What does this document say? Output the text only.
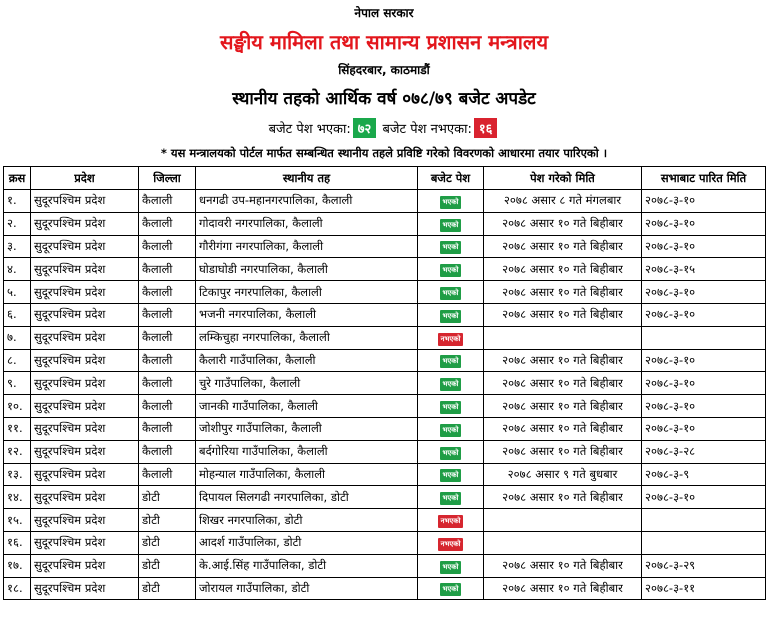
नेपाल सरकार
सङ्घीय मामिला तथा सामान्य प्रशासन मन्त्रालय
सिंहदरबार, काठमाडौं
स्थानीय तहको आर्थिक वर्ष ०७८/७९ बजेट अपडेट
बजेट पेश भएका: ७२ बजेट पेश नभएका: १६
* यस मन्त्रालयको पोर्टल मार्फत सम्बन्धित स्थानीय तहले प्रविष्टि गरेको विवरणको आधारमा तयार पारिएको ।
क्रस	प्रदेश	जिल्ला	स्थानीय तह	बजेट पेश	पेश गरेको मिति	सभाबाट पारित मिति
१.	सुदूरपश्चिम प्रदेश	कैलाली	धनगढी उप-महानगरपालिका, कैलाली	भएको	२०७८ असार ८ गते मंगलबार	२०७८-३-१०
२.	सुदूरपश्चिम प्रदेश	कैलाली	गोदावरी नगरपालिका, कैलाली	भएको	२०७८ असार १० गते बिहीबार	२०७८-३-१०
३.	सुदूरपश्चिम प्रदेश	कैलाली	गौरीगंगा नगरपालिका, कैलाली	भएको	२०७८ असार १० गते बिहीबार	२०७८-३-१०
४.	सुदूरपश्चिम प्रदेश	कैलाली	घोडाघोडी नगरपालिका, कैलाली	भएको	२०७८ असार १० गते बिहीबार	२०७८-३-१५
५.	सुदूरपश्चिम प्रदेश	कैलाली	टिकापुर नगरपालिका, कैलाली	भएको	२०७८ असार १० गते बिहीबार	२०७८-३-१०
६.	सुदूरपश्चिम प्रदेश	कैलाली	भजनी नगरपालिका, कैलाली	भएको	२०७८ असार १० गते बिहीबार	२०७८-३-१०
७.	सुदूरपश्चिम प्रदेश	कैलाली	लम्किचुहा नगरपालिका, कैलाली	नभएको		
८.	सुदूरपश्चिम प्रदेश	कैलाली	कैलारी गाउँपालिका, कैलाली	भएको	२०७८ असार १० गते बिहीबार	२०७८-३-१०
९.	सुदूरपश्चिम प्रदेश	कैलाली	चुरे गाउँपालिका, कैलाली	भएको	२०७८ असार १० गते बिहीबार	२०७८-३-१०
१०.	सुदूरपश्चिम प्रदेश	कैलाली	जानकी गाउँपालिका, कैलाली	भएको	२०७८ असार १० गते बिहीबार	२०७८-३-१०
११.	सुदूरपश्चिम प्रदेश	कैलाली	जोशीपुर गाउँपालिका, कैलाली	भएको	२०७८ असार १० गते बिहीबार	२०७८-३-१०
१२.	सुदूरपश्चिम प्रदेश	कैलाली	बर्दगोरिया गाउँपालिका, कैलाली	भएको	२०७८ असार १० गते बिहीबार	२०७८-३-२८
१३.	सुदूरपश्चिम प्रदेश	कैलाली	मोहन्याल गाउँपालिका, कैलाली	भएको	२०७८ असार ९ गते बुधबार	२०७८-३-९
१४.	सुदूरपश्चिम प्रदेश	डोटी	दिपायल सिलगढी नगरपालिका, डोटी	भएको	२०७८ असार १० गते बिहीबार	२०७८-३-१०
१५.	सुदूरपश्चिम प्रदेश	डोटी	शिखर नगरपालिका, डोटी	नभएको		
१६.	सुदूरपश्चिम प्रदेश	डोटी	आदर्श गाउँपालिका, डोटी	नभएको		
१७.	सुदूरपश्चिम प्रदेश	डोटी	के.आई.सिंह गाउँपालिका, डोटी	भएको	२०७८ असार १० गते बिहीबार	२०७८-३-२९
१८.	सुदूरपश्चिम प्रदेश	डोटी	जोरायल गाउँपालिका, डोटी	भएको	२०७८ असार १० गते बिहीबार	२०७८-३-११
